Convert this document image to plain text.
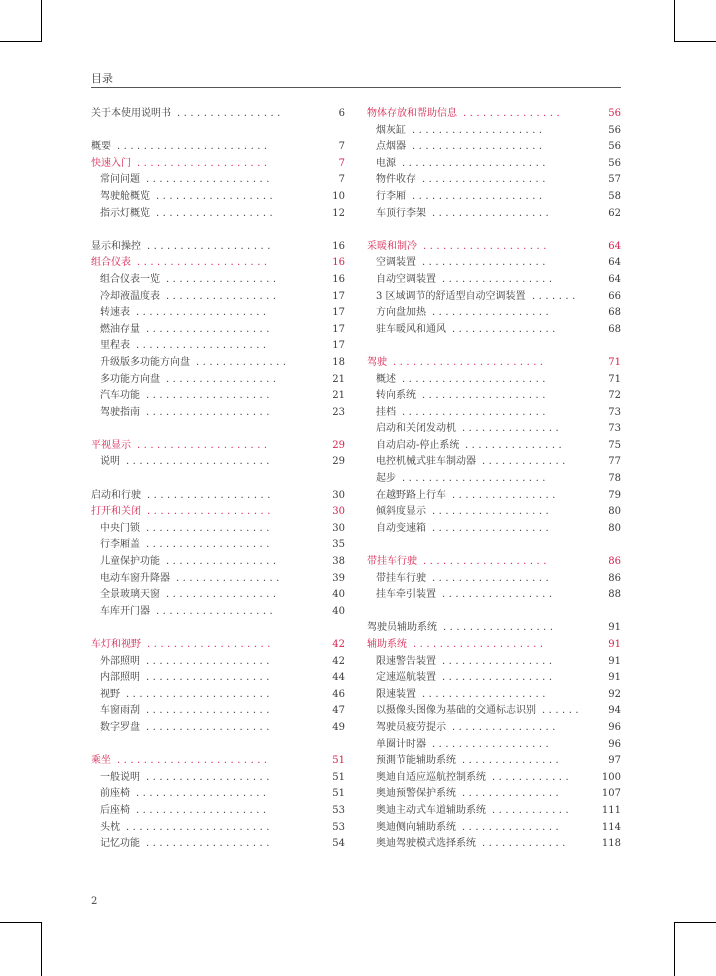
目录
关于本使用说明书 ................	6
概要 .......................	7
快速入门 ....................	7
常问问题 ...................	7
驾驶舱概览 ..................	10
指示灯概览 ..................	12
显示和操控 ...................	16
组合仪表 ....................	16
组合仪表一览 .................	16
冷却液温度表 .................	17
转速表 ....................	17
燃油存量 ...................	17
里程表 ....................	17
升级版多功能方向盘 ..............	18
多功能方向盘 .................	21
汽车功能 ...................	21
驾驶指南 ...................	23
平视显示 ....................	29
说明 ......................	29
启动和行驶 ...................	30
打开和关闭 ...................	30
中央门锁 ...................	30
行李厢盖 ...................	35
儿童保护功能 .................	38
电动车窗升降器 ................	39
全景玻璃天窗 .................	40
车库开门器 ..................	40
车灯和视野 ...................	42
外部照明 ...................	42
内部照明 ...................	44
视野 ......................	46
车窗雨刮 ...................	47
数字罗盘 ...................	49
乘坐 .......................	51
一般说明 ...................	51
前座椅 ....................	51
后座椅 ....................	53
头枕 ......................	53
记忆功能 ...................	54
物体存放和帮助信息 ...............	56
烟灰缸 ....................	56
点烟器 ....................	56
电源 ......................	56
物件收存 ...................	57
行李厢 ....................	58
车顶行李架 ..................	62
采暖和制冷 ...................	64
空调装置 ...................	64
自动空调装置 .................	64
3 区域调节的舒适型自动空调装置 .......	66
方向盘加热 ..................	68
驻车暖风和通风 ................	68
驾驶 .......................	71
概述 ......................	71
转向系统 ...................	72
挂档 ......................	73
启动和关闭发动机 ...............	73
自动启动-停止系统 ...............	75
电控机械式驻车制动器 .............	77
起步 ......................	78
在越野路上行车 ................	79
倾斜度显示 ..................	80
自动变速箱 ..................	80
带挂车行驶 ...................	86
带挂车行驶 ..................	86
挂车牵引装置 .................	88
驾驶员辅助系统 .................	91
辅助系统 ....................	91
限速警告装置 .................	91
定速巡航装置 .................	91
限速装置 ...................	92
以摄像头图像为基础的交通标志识别 ......	94
驾驶员疲劳提示 ................	96
单圈计时器 ..................	96
预測节能辅助系统 ...............	97
奥迪自适应巡航控制系统 ............	100
奥迪预警保护系统 ...............	107
奥迪主动式车道辅助系统 ............	111
奥迪侧向辅助系统 ...............	114
奥迪驾驶模式选择系统 .............	118
2
